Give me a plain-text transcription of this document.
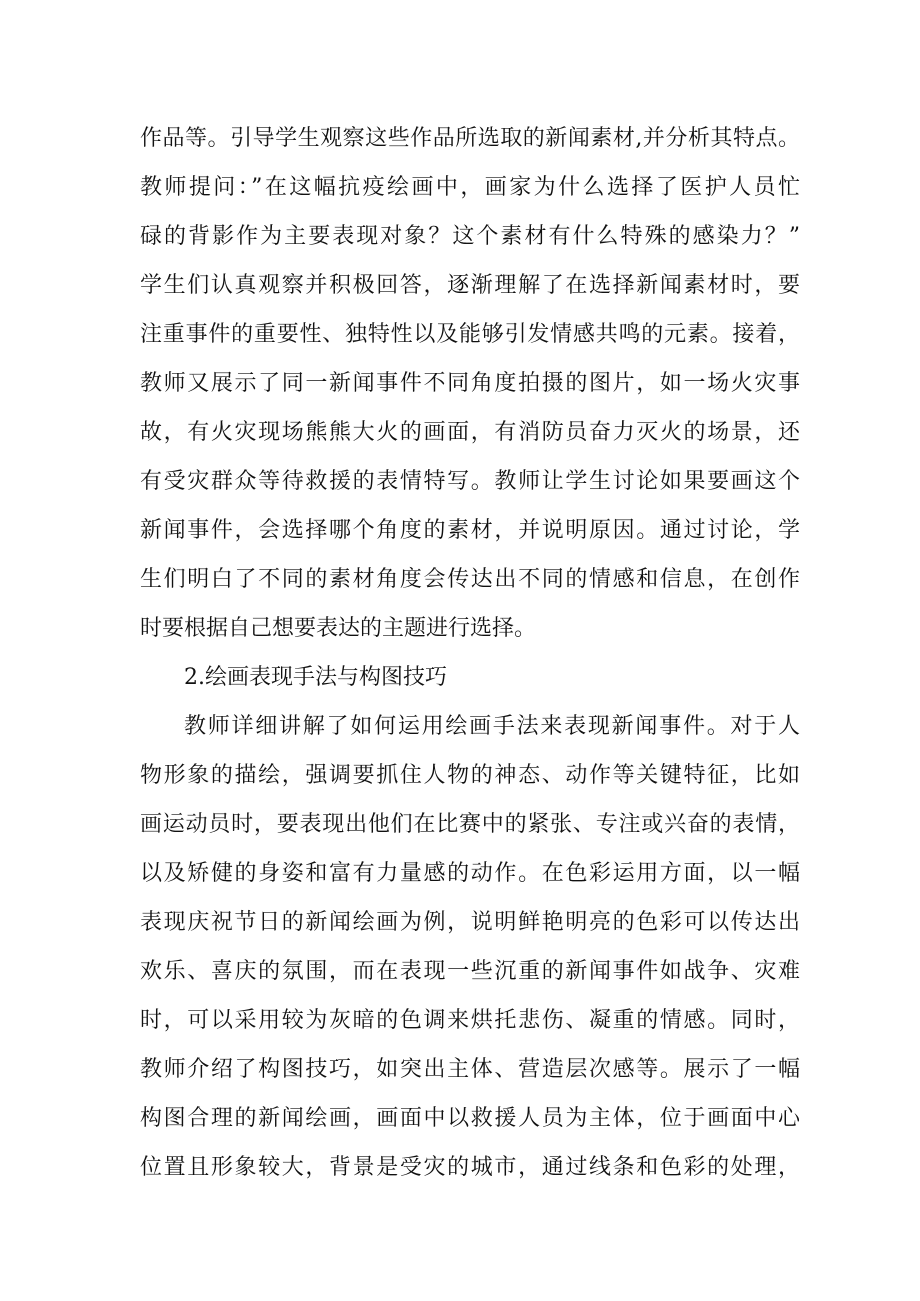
作品等。引导学生观察这些作品所选取的新闻素材,并分析其特点。
教师提问：”在这幅抗疫绘画中，画家为什么选择了医护人员忙
碌的背影作为主要表现对象？这个素材有什么特殊的感染力？”
学生们认真观察并积极回答，逐渐理解了在选择新闻素材时，要
注重事件的重要性、独特性以及能够引发情感共鸣的元素。接着，
教师又展示了同一新闻事件不同角度拍摄的图片，如一场火灾事
故，有火灾现场熊熊大火的画面，有消防员奋力灭火的场景，还
有受灾群众等待救援的表情特写。教师让学生讨论如果要画这个
新闻事件，会选择哪个角度的素材，并说明原因。通过讨论，学
生们明白了不同的素材角度会传达出不同的情感和信息，在创作
时要根据自己想要表达的主题进行选择。
2.绘画表现手法与构图技巧
教师详细讲解了如何运用绘画手法来表现新闻事件。对于人
物形象的描绘，强调要抓住人物的神态、动作等关键特征，比如
画运动员时，要表现出他们在比赛中的紧张、专注或兴奋的表情，
以及矫健的身姿和富有力量感的动作。在色彩运用方面，以一幅
表现庆祝节日的新闻绘画为例，说明鲜艳明亮的色彩可以传达出
欢乐、喜庆的氛围，而在表现一些沉重的新闻事件如战争、灾难
时，可以采用较为灰暗的色调来烘托悲伤、凝重的情感。同时，
教师介绍了构图技巧，如突出主体、营造层次感等。展示了一幅
构图合理的新闻绘画，画面中以救援人员为主体，位于画面中心
位置且形象较大，背景是受灾的城市，通过线条和色彩的处理，
